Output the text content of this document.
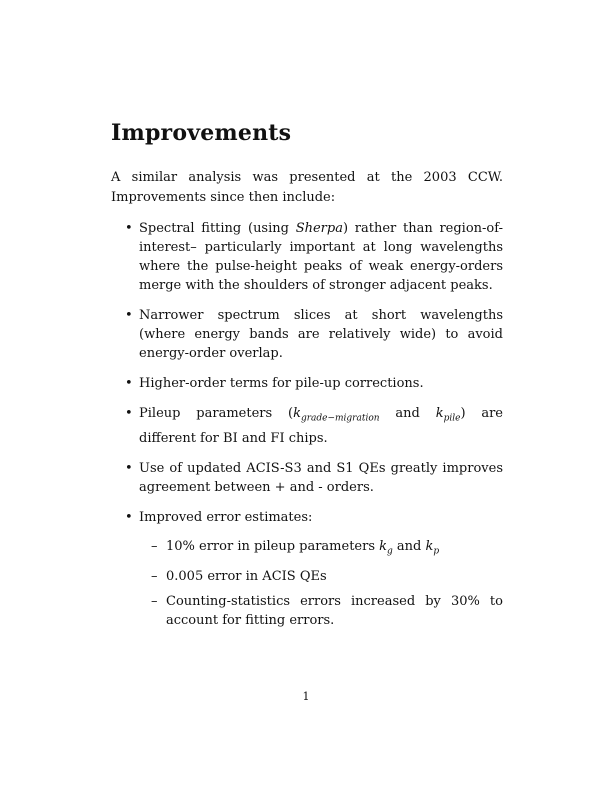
Improvements

A similar analysis was presented at the 2003 CCW. Improvements since then include:

• Spectral fitting (using Sherpa) rather than region-of-interest– particularly important at long wavelengths where the pulse-height peaks of weak energy-orders merge with the shoulders of stronger adjacent peaks.
• Narrower spectrum slices at short wavelengths (where energy bands are relatively wide) to avoid energy-order overlap.
• Higher-order terms for pile-up corrections.
• Pileup parameters ($k_{grade-migration}$ and $k_{pile}$) are different for BI and FI chips.
• Use of updated ACIS-S3 and S1 QEs greatly improves agreement between + and - orders.
• Improved error estimates:
– 10% error in pileup parameters $k_g$ and $k_p$
– 0.005 error in ACIS QEs
– Counting-statistics errors increased by 30% to account for fitting errors.
1
